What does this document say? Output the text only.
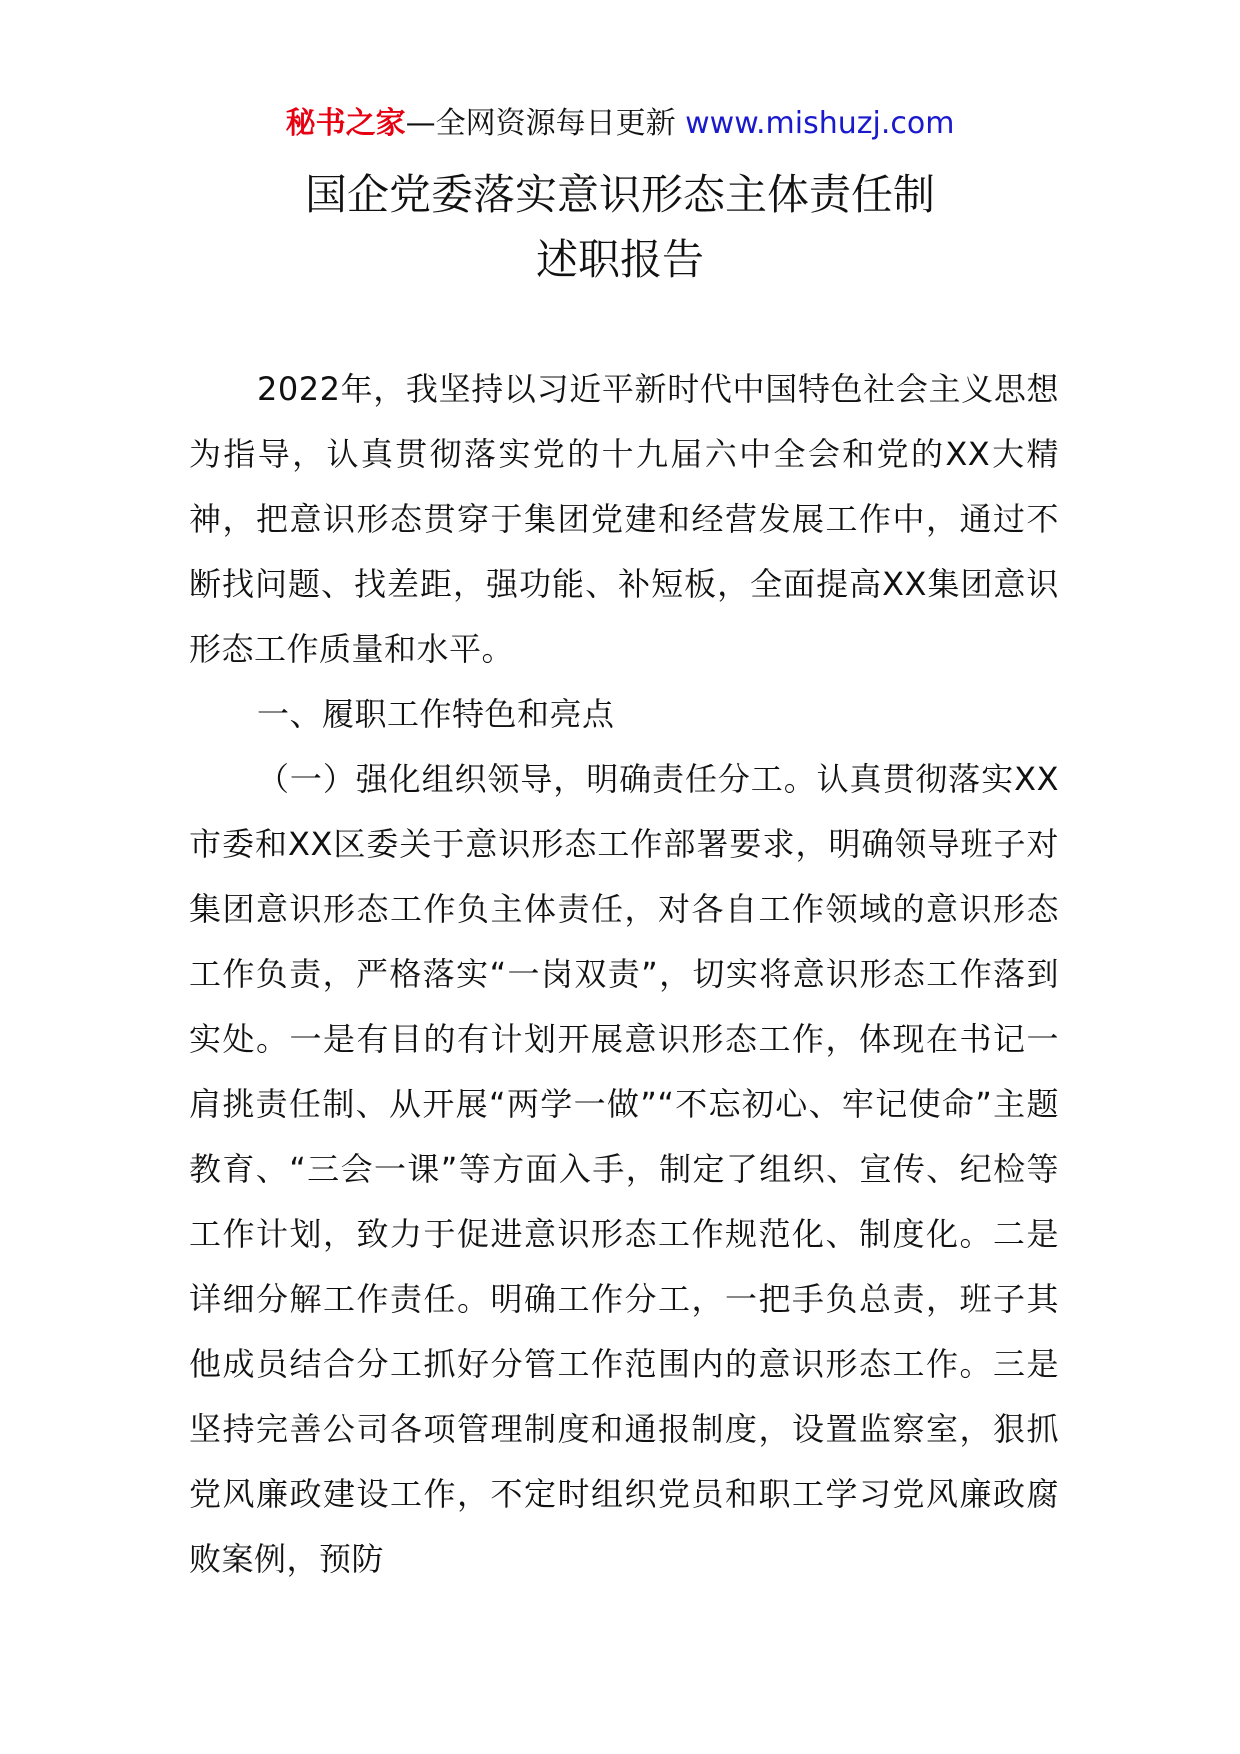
秘书之家—全网资源每日更新 www.mishuzj.com
国企党委落实意识形态主体责任制
述职报告

2022年，我坚持以习近平新时代中国特色社会主义思想为指导，认真贯彻落实党的十九届六中全会和党的XX大精神，把意识形态贯穿于集团党建和经营发展工作中，通过不断找问题、找差距，强功能、补短板，全面提高XX集团意识形态工作质量和水平。

一、履职工作特色和亮点

（一）强化组织领导，明确责任分工。认真贯彻落实XX市委和XX区委关于意识形态工作部署要求，明确领导班子对集团意识形态工作负主体责任，对各自工作领域的意识形态工作负责，严格落实“一岗双责”，切实将意识形态工作落到实处。一是有目的有计划开展意识形态工作，体现在书记一肩挑责任制、从开展“两学一做”“不忘初心、牢记使命”主题教育、“三会一课”等方面入手，制定了组织、宣传、纪检等工作计划，致力于促进意识形态工作规范化、制度化。二是详细分解工作责任。明确工作分工，一把手负总责，班子其他成员结合分工抓好分管工作范围内的意识形态工作。三是坚持完善公司各项管理制度和通报制度，设置监察室，狠抓党风廉政建设工作，不定时组织党员和职工学习党风廉政腐败案例，预防
